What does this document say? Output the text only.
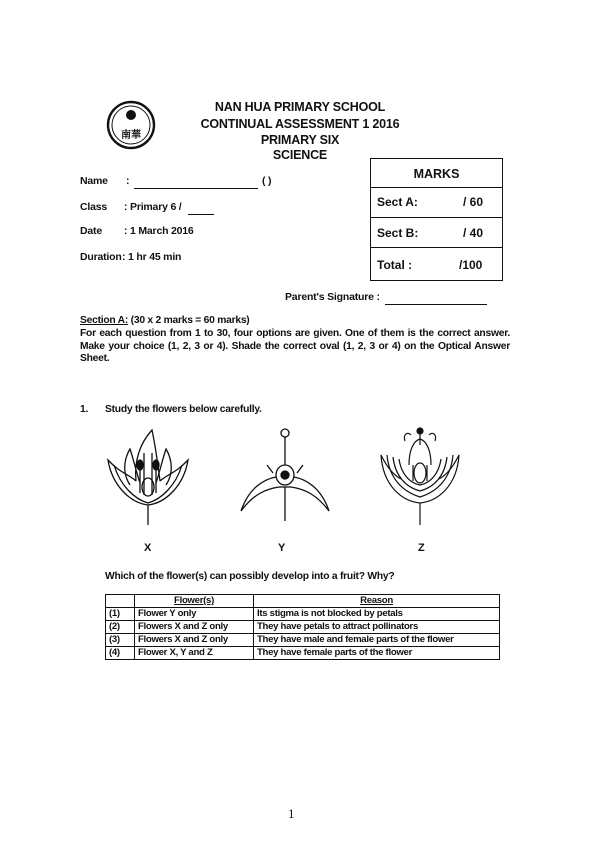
南華
NAN HUA PRIMARY SCHOOL
CONTINUAL ASSESSMENT 1 2016
PRIMARY SIX
SCIENCE
Name :	( )
Class : Primary 6 /
Date : 1 March 2016
Duration : 1 hr 45 min
MARKS
Sect A:	/ 60
Sect B:	/ 40
Total :	/100
Parent's Signature :
Section A: (30 x 2 marks = 60 marks)
For each question from 1 to 30, four options are given. One of them is the correct answer. Make your choice (1, 2, 3 or 4). Shade the correct oval (1, 2, 3 or 4) on the Optical Answer Sheet.
1. Study the flowers below carefully.
X	Y	Z
Which of the flower(s) can possibly develop into a fruit? Why?
	Flower(s)	Reason
(1)	Flower Y only	Its stigma is not blocked by petals
(2)	Flowers X and Z only	They have petals to attract pollinators
(3)	Flowers X and Z only	They have male and female parts of the flower
(4)	Flower X, Y and Z	They have female parts of the flower
1
